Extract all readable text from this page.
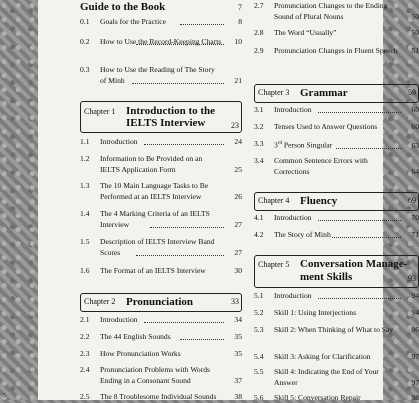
Guide to the Book	7
0.1 Goals for the Practice	8
0.2 How to Use the Record-Keeping Charts	10
0.3 How to Use the Reading of The Story of Minh	21
Chapter 1 Introduction to the IELTS Interview	23
1.1 Introduction	24
1.2 Information to Be Provided on an IELTS Application Form	25
1.3 The 10 Main Language Tasks to Be Performed at an IELTS Interview	26
1.4 The 4 Marking Criteria of an IELTS Interview	27
1.5 Description of IELTS Interview Band Scores	27
1.6 The Format of an IELTS Interview	30
Chapter 2 Pronunciation	33
2.1 Introduction	34
2.2 The 44 English Sounds	35
2.3 How Pronunciation Works	35
2.4 Pronunciation Problems with Words Ending in a Consonant Sound	37
2.5 The 8 Troublesome Individual Sounds	38
2.7 Pronunciation Changes to the Ending Sound of Plural Nouns	50
2.8 The Word “Usually”	50
2.9 Pronunciation Changes in Fluent Speech	51
Chapter 3 Grammar	59
3.1 Introduction	60
3.2 Tenses Used to Answer Questions	60
3.3 3rd Person Singular	63
3.4 Common Sentence Errors with Corrections	64
Chapter 4 Fluency	69
4.1 Introduction	70
4.2 The Story of Minh	71
Chapter 5 Conversation Manage-
ment Skills	93
5.1 Introduction	94
5.2 Skill 1: Using Interjections	94
5.3 Skill 2: When Thinking of What to Say	96
5.4 Skill 3: Asking for Clarification	97
5.5 Skill 4: Indicating the End of Your Answer	97
5.6 Skill 5: Conversation Repair	98
5
